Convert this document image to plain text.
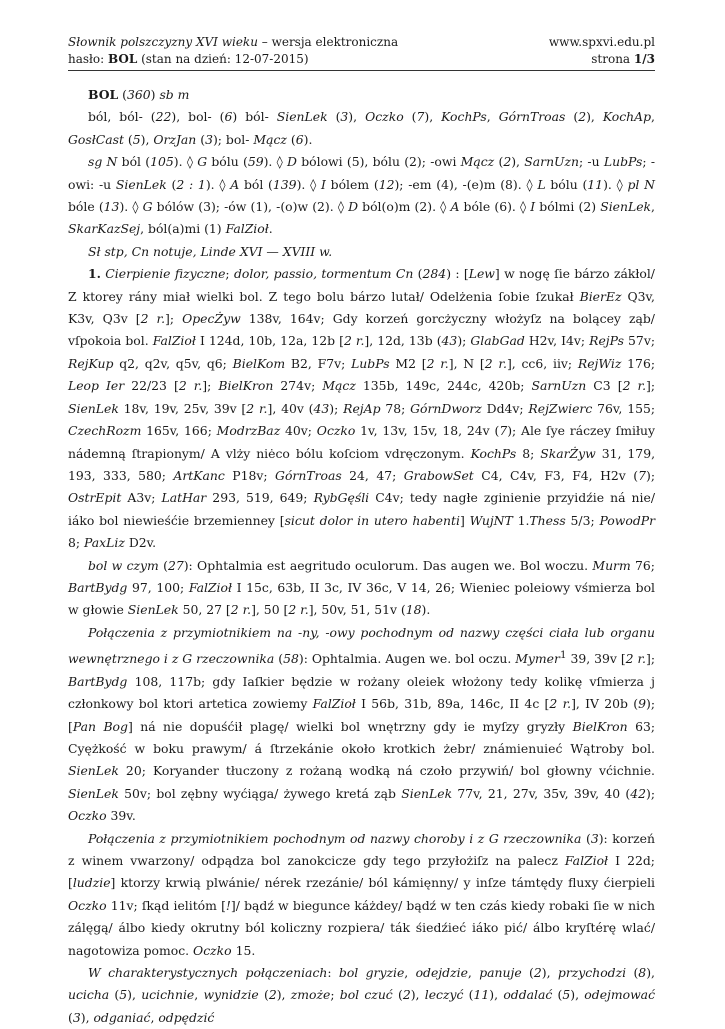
Słownik polszczyzny XVI wieku – wersja elektroniczna	www.spxvi.edu.pl
hasło: BOL (stan na dzień: 12-07-2015)	strona 1/3

BOL (360) sb m

ból, ból- (22), bol- (6) ból- SienLek (3), Oczko (7), KochPs, GórnTroas (2), KochAp, GosłCast (5), OrzJan (3); bol- Mącz (6).

sg N ból (105). ◊ G bólu (59). ◊ D bólowi (5), bólu (2); -owi Mącz (2), SarnUzn; -u LubPs; -owi: -u SienLek (2 : 1). ◊ A ból (139). ◊ I bólem (12); -em (4), -(e)m (8). ◊ L bólu (11). ◊ pl N bóle (13). ◊ G bólów (3); -ów (1), -(o)w (2). ◊ D ból(o)m (2). ◊ A bóle (6). ◊ I bólmi (2) SienLek, SkarKazSej, ból(a)mi (1) FalZioł.

Sł stp, Cn notuje, Linde XVI — XVIII w.

1. Cierpienie fizyczne; dolor, passio, tormentum Cn (284) : [Lew] w nogę ſie bárzo zákłol/ Z ktorey rány miał wielki bol. Z tego bolu bárzo lutał/ Odelżenia ſobie ſzukał BierEz Q3v, K3v, Q3v [2 r.]; OpecŻyw 138v, 164v; Gdy korzeń gorcżyczny włożyſz na bolącey ząb/ vſpokoia bol. FalZioł I 124d, 10b, 12a, 12b [2 r.], 12d, 13b (43); GlabGad H2v, I4v; RejPs 57v; RejKup q2, q2v, q5v, q6; BielKom B2, F7v; LubPs M2 [2 r.], N [2 r.], cc6, iiv; RejWiz 176; Leop Ier 22/23 [2 r.]; BielKron 274v; Mącz 135b, 149c, 244c, 420b; SarnUzn C3 [2 r.]; SienLek 18v, 19v, 25v, 39v [2 r.], 40v (43); RejAp 78; GórnDworz Dd4v; RejZwierc 76v, 155; CzechRozm 165v, 166; ModrzBaz 40v; Oczko 1v, 13v, 15v, 18, 24v (7); Ale ſye ráczey ſmiłuy nádemną ſtrapionym/ A vlży niėco bólu koſciom vdręczonym. KochPs 8; SkarŻyw 31, 179, 193, 333, 580; ArtKanc P18v; GórnTroas 24, 47; GrabowSet C4, C4v, F3, F4, H2v (7); OstrEpit A3v; LatHar 293, 519, 649; RybGęśli C4v; tedy nagłe zginienie przyidźie ná nie/ iáko bol niewieśćie brzemienney [sicut dolor in utero habenti] WujNT 1.Thess 5/3; PowodPr 8; PaxLiz D2v.

bol w czym (27): Ophtalmia est aegritudo oculorum. Das augen we. Bol woczu. Murm 76; BartBydg 97, 100; FalZioł I 15c, 63b, II 3c, IV 36c, V 14, 26; Wieniec poleiowy vśmierza bol w głowie SienLek 50, 27 [2 r.], 50 [2 r.], 50v, 51, 51v (18).

Połączenia z przymiotnikiem na -ny, -owy pochodnym od nazwy części ciała lub organu wewnętrznego i z G rzeczownika (58): Ophtalmia. Augen we. bol oczu. Mymer$^1$ 39, 39v [2 r.]; BartBydg 108, 117b; gdy Iaſkier będzie w rożany oleiek włożony tedy kolikę vſmierza j członkowy bol ktori artetica zowiemy FalZioł I 56b, 31b, 89a, 146c, II 4c [2 r.], IV 20b (9); [Pan Bog] ná nie dopuśćił plagę/ wielki bol wnętrzny gdy ie myſzy gryzły BielKron 63; Cyężkość w boku prawym/ á ſtrzekánie około krotkich żebr/ známienuieć Wątroby bol. SienLek 20; Koryander tłuczony z rożaną wodką ná czoło przywiń/ bol głowny vćichnie. SienLek 50v; bol zębny wyćiąga/ żywego kretá ząb SienLek 77v, 21, 27v, 35v, 39v, 40 (42); Oczko 39v.

Połączenia z przymiotnikiem pochodnym od nazwy choroby i z G rzeczownika (3): korzeń z winem vwarzony/ odpądza bol zanokcicze gdy tego przyłożiſz na palecz FalZioł I 22d; [ludzie] ktorzy krwią plwánie/ nérek rzezánie/ ból kámięnny/ y inſze támtędy fluxy ćierpieli Oczko 11v; ſkąd ielitóm [!]/ bądź w biegunce káżdey/ bądź w ten czás kiedy robaki ſie w nich zálęgą/ álbo kiedy okrutny ból koliczny rozpiera/ ták śiedźieć iáko pić/ álbo kryſtérę wlać/ nagotowiza pomoc. Oczko 15.

W charakterystycznych połączeniach: bol gryzie, odejdzie, panuje (2), przychodzi (8), ucicha (5), ucichnie, wynidzie (2), zmoże; bol czuć (2), leczyć (11), oddalać (5), odejmować (3), odganiać, odpędzić
